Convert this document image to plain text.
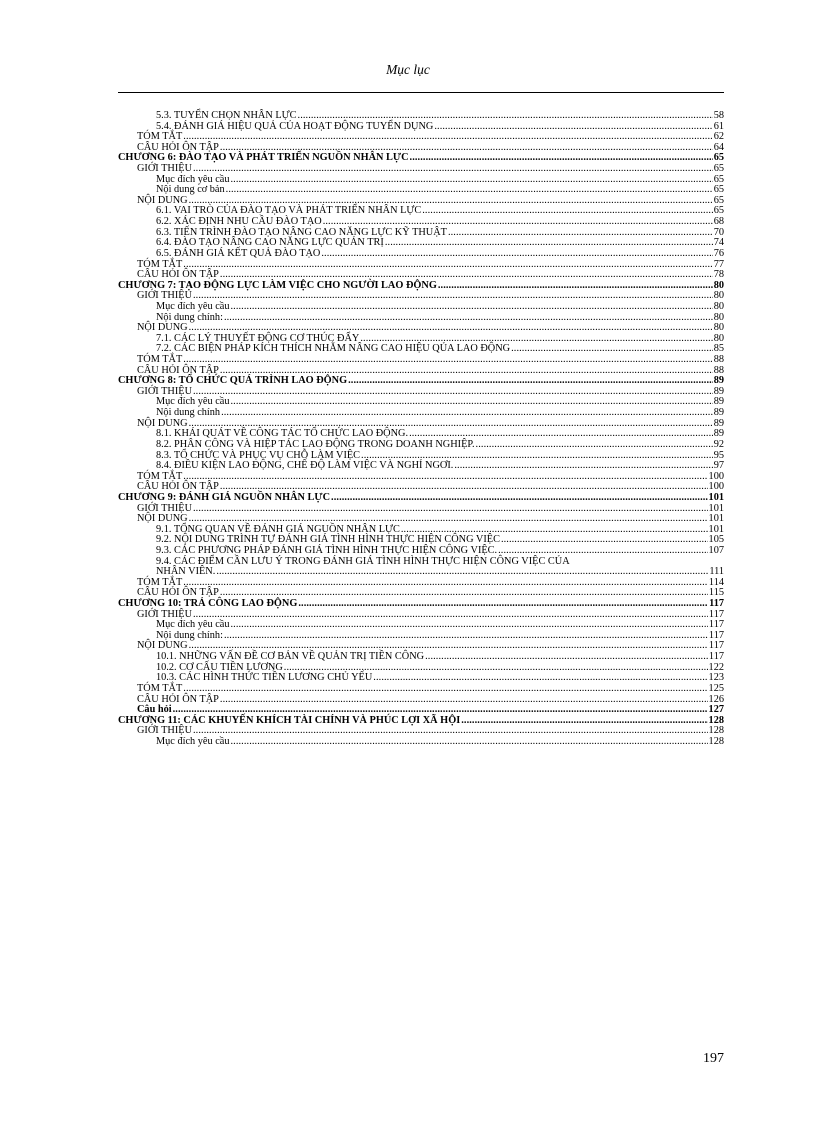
Mục lục
5.3. TUYỂN CHỌN NHÂN LỰC .....	58
5.4. ĐÁNH GIÁ HIỆU QUẢ CỦA HOẠT ĐỘNG TUYỂN DỤNG .....	61
TÓM TẮT .....	62
CÂU HỎI ÔN TẬP .....	64
CHƯƠNG 6: ĐÀO TẠO VÀ PHÁT TRIỂN NGUỒN NHÂN LỰC .....	65
GIỚI THIỆU .....	65
Mục đích yêu cầu .....	65
Nội dung cơ bản .....	65
NỘI DUNG .....	65
6.1. VAI TRÒ CỦA ĐÀO TẠO VÀ PHÁT TRIỂN NHÂN LỰC .....	65
6.2. XÁC ĐỊNH NHU CẦU ĐÀO TẠO .....	68
6.3. TIẾN TRÌNH ĐÀO TẠO NÂNG CAO NĂNG LỰC KỸ THUẬT .....	70
6.4. ĐÀO TẠO NÂNG CAO NĂNG LỰC QUẢN TRỊ .....	74
6.5. ĐÁNH GIÁ KẾT QUẢ ĐÀO TẠO .....	76
TÓM TẮT .....	77
CÂU HỎI ÔN TẬP .....	78
CHƯƠNG 7: TẠO ĐỘNG LỰC LÀM VIỆC CHO NGƯỜI LAO ĐỘNG .....	80
GIỚI THIỆU .....	80
Mục đích yêu cầu .....	80
Nội dung chính: .....	80
NỘI DUNG .....	80
7.1. CÁC LÝ THUYẾT ĐỘNG CƠ THÚC ĐẨY .....	80
7.2. CÁC BIỆN PHÁP KÍCH THÍCH NHẰM NÂNG CAO HIỆU QỦA LAO ĐỘNG .....	85
TÓM TẮT .....	88
CÂU HỎI ÔN TẬP .....	88
CHƯƠNG 8: TỔ CHỨC QUÁ TRÌNH LAO ĐỘNG .....	89
GIỚI THIỆU .....	89
Mục đích yêu cầu .....	89
Nội dung chính .....	89
NỘI DUNG .....	89
8.1. KHÁI QUÁT VỀ CÔNG TÁC TỔ CHỨC LAO ĐỘNG. .....	89
8.2. PHÂN CÔNG VÀ HIỆP TÁC LAO ĐỘNG TRONG DOANH NGHIỆP. .....	92
8.3. TỔ CHỨC VÀ PHỤC VỤ CHỖ LÀM VIỆC .....	95
8.4. ĐIỀU KIỆN LAO ĐỘNG, CHẾ ĐỘ LÀM VIỆC VÀ NGHỈ NGƠI. .....	97
TÓM TẮT .....	100
CÂU HỎI ÔN TẬP .....	100
CHƯƠNG 9: ĐÁNH GIÁ NGUỒN NHÂN LỰC .....	101
GIỚI THIỆU .....	101
NỘI DUNG .....	101
9.1. TỔNG QUAN VỀ ĐÁNH GIÁ NGUỒN NHÂN LỰC .....	101
9.2. NỘI DUNG TRÌNH TỰ ĐÁNH GIÁ TÌNH HÌNH THỰC HIỆN CÔNG VIỆC .....	105
9.3. CÁC PHƯƠNG PHÁP ĐÁNH GIÁ TÌNH HÌNH THỰC HIỆN CÔNG VIỆC. .....	107
9.4. CÁC ĐIỂM CẦN LƯU Ý TRONG ĐÁNH GIÁ TÌNH HÌNH THỰC HIỆN CÔNG VIỆC CỦA
NHÂN VIÊN. .....	111
TÓM TẮT .....	114
CÂU HỎI ÔN TẬP .....	115
CHƯƠNG 10: TRẢ CÔNG LAO ĐỘNG .....	117
GIỚI THIỆU .....	117
Mục đích yêu cầu .....	117
Nội dung chính: .....	117
NỘI DUNG .....	117
10.1. NHỮNG VẤN ĐỀ CƠ BẢN VỀ QUẢN TRỊ TIỀN CÔNG .....	117
10.2. CƠ CẤU TIỀN LƯƠNG .....	122
10.3. CÁC HÌNH THỨC TIỀN LƯƠNG CHỦ YẾU .....	123
TÓM TẮT .....	125
CÂU HỎI ÔN TẬP .....	126
Câu hỏi .....	127
CHƯƠNG 11: CÁC KHUYẾN KHÍCH TÀI CHÍNH VÀ PHÚC LỢI XÃ HỘI .....	128
GIỚI THIỆU .....	128
Mục đích yêu cầu .....	128
197
